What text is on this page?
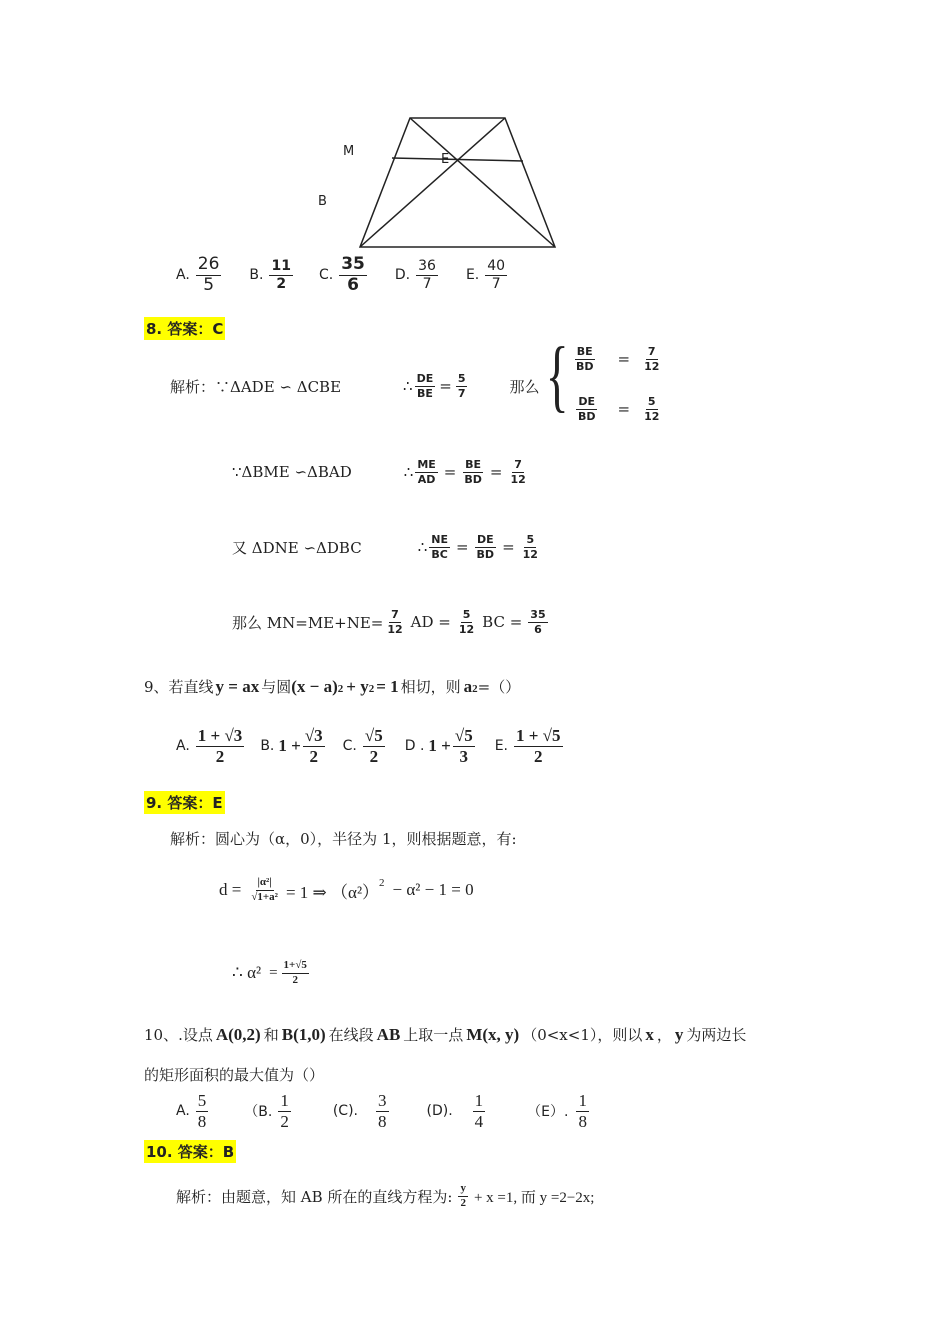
M
B
E
A. $\frac{26}{5} B$. $\frac{11}{2} C$. $\frac{35}{6} D$. $\frac{36}{7} E$. $\frac{40}{7}$
8. 答案：C
解析：∵ΔADE ∽ ΔCBE	∴ $\frac{DE}{BE} = \frac{5}{7}$	那么 { $\frac{BE}{BD} = \frac{7}{12}$
$\frac{DE}{BD} = \frac{5}{12}$
∵ΔBME ∽ΔBAD	∴ $\frac{ME}{AD} = \frac{BE}{BD} = \frac{7}{12}$
又 ΔDNE ∽ΔDBC	∴ $\frac{NE}{BC} = \frac{DE}{BD} = \frac{5}{12}$
那么 $MN=ME+NE= \frac{7}{12}$ AD = $\frac{5}{12}$ BC = $\frac{35}{6}$
9、若直线 y = ax 与圆 (x − a) 2 + y 2 = 1 相切，则 a 2 =（）
A. $\frac{1 + √3}{2} B$. $1 + \frac{√3}{2} C$. $\frac{√5}{2}$ D . $1 + \frac{√5}{3} E$. $\frac{1 + √5}{2}$
9. 答案：E
解析：圆心为（α，0），半径为 1，则根据题意，有:
$d = \frac{\text{|α²|}}{\text{√1+a²}} = 1$ ⇒ $(\alpha^2)^2 - \alpha^2 - 1 = 0$
∴ $\alpha^2 = \frac{1+√5}{2}$
10、.设点 A(0,2) 和 B(1,0) 在线段 AB 上取一点 M(x, y) （0<x<1），则以 x ， y 为两边长
的矩形面积的最大值为（）
A. $\frac{5}{8}$	（B. $\frac{1}{2}$	(C). $\frac{3}{8}$	(D). $\frac{1}{4}$	（E）. $\frac{1}{8}$
10. 答案：B
解析：由题意，知 AB 所在的直线方程为: $\frac{y}{2} + x =1$, 而 y =2−2x;
